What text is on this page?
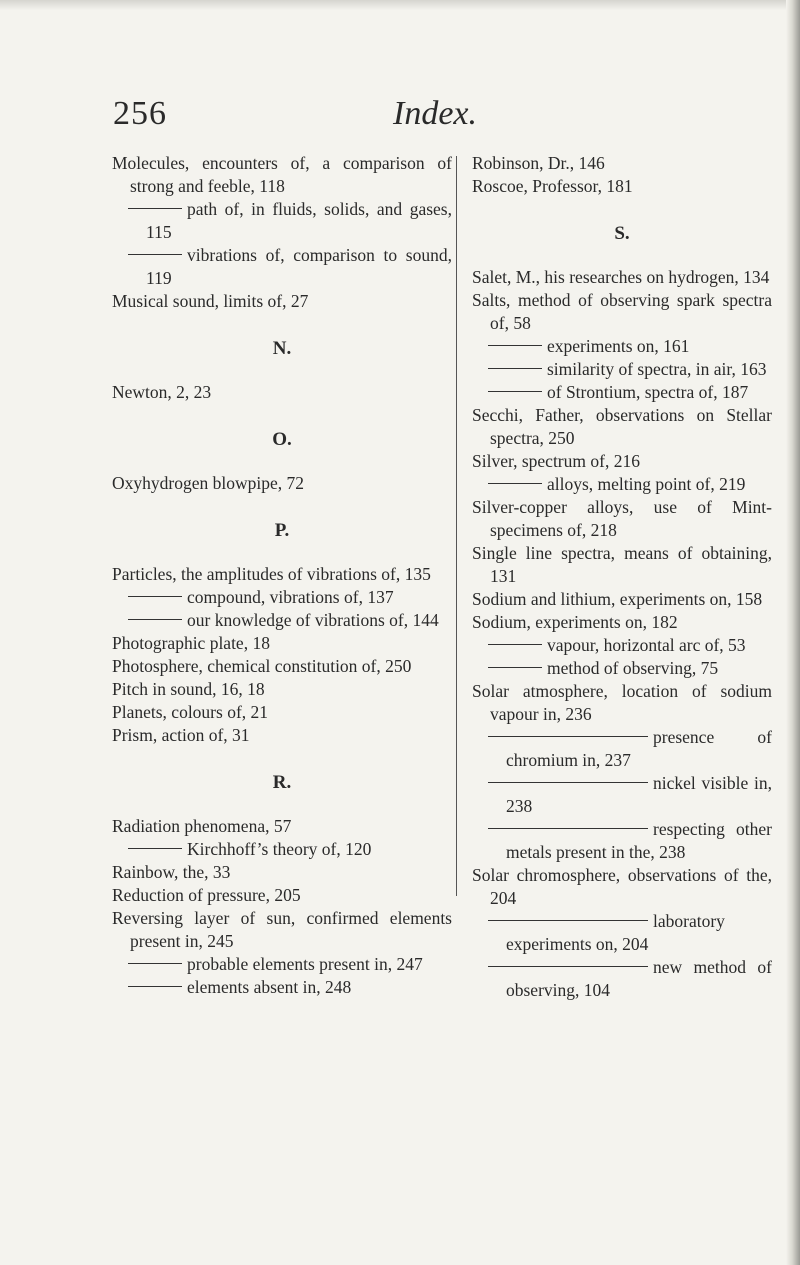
256	Index.
Molecules, encounters of, a comparison of strong and feeble, 118
path of, in fluids, solids, and gases, 115
vibrations of, comparison to sound, 119
Musical sound, limits of, 27
N.
Newton, 2, 23
O.
Oxyhydrogen blowpipe, 72
P.
Particles, the amplitudes of vibrations of, 135
compound, vibrations of, 137
our knowledge of vibrations of, 144
Photographic plate, 18
Photosphere, chemical constitution of, 250
Pitch in sound, 16, 18
Planets, colours of, 21
Prism, action of, 31
R.
Radiation phenomena, 57
Kirchhoff’s theory of, 120
Rainbow, the, 33
Reduction of pressure, 205
Reversing layer of sun, confirmed elements present in, 245
probable elements present in, 247
elements absent in, 248
Robinson, Dr., 146
Roscoe, Professor, 181
S.
Salet, M., his researches on hydrogen, 134
Salts, method of observing spark spectra of, 58
experiments on, 161
similarity of spectra, in air, 163
of Strontium, spectra of, 187
Secchi, Father, observations on Stellar spectra, 250
Silver, spectrum of, 216
alloys, melting point of, 219
Silver-copper alloys, use of Mint-specimens of, 218
Single line spectra, means of obtaining, 131
Sodium and lithium, experiments on, 158
Sodium, experiments on, 182
vapour, horizontal arc of, 53
method of observing, 75
Solar atmosphere, location of sodium vapour in, 236
presence of chromium in, 237
nickel visible in, 238
respecting other metals present in the, 238
Solar chromosphere, observations of the, 204
laboratory experiments on, 204
new method of observing, 104
